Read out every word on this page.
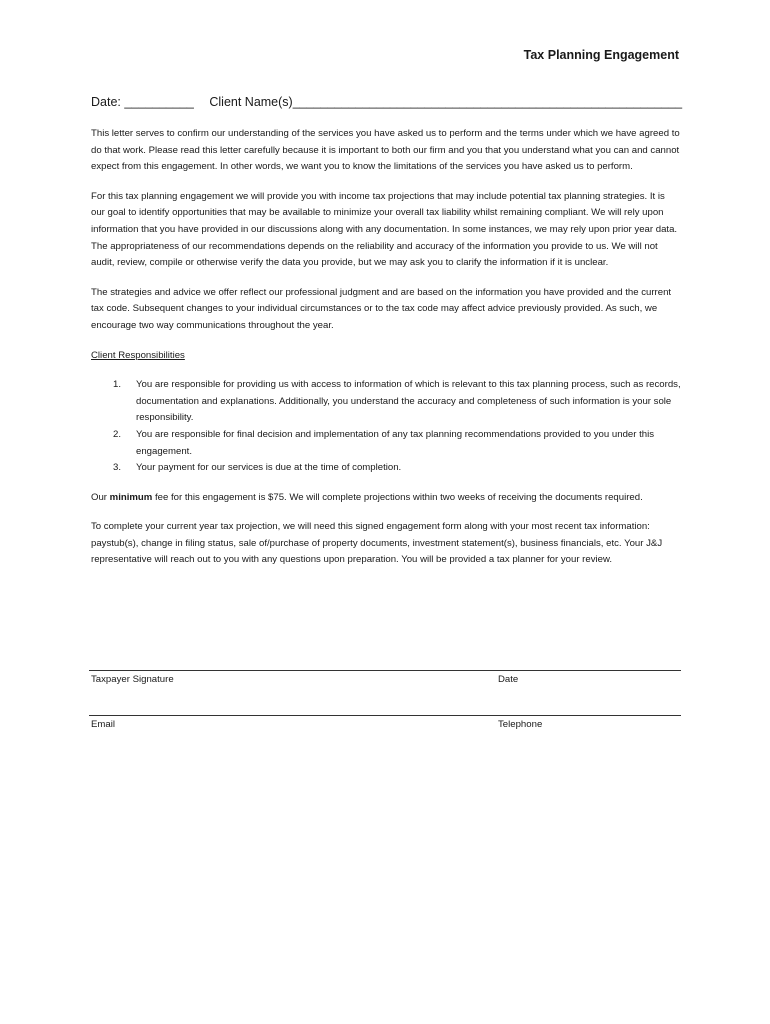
Tax Planning Engagement
Date: __________ Client Name(s)________________________________________________________

This letter serves to confirm our understanding of the services you have asked us to perform and the terms under which we have agreed to do that work. Please read this letter carefully because it is important to both our firm and you that you understand what you can and cannot expect from this engagement. In other words, we want you to know the limitations of the services you have asked us to perform.

For this tax planning engagement we will provide you with income tax projections that may include potential tax planning strategies. It is our goal to identify opportunities that may be available to minimize your overall tax liability whilst remaining compliant. We will rely upon information that you have provided in our discussions along with any documentation. In some instances, we may rely upon prior year data. The appropriateness of our recommendations depends on the reliability and accuracy of the information you provide to us. We will not audit, review, compile or otherwise verify the data you provide, but we may ask you to clarify the information if it is unclear.

The strategies and advice we offer reflect our professional judgment and are based on the information you have provided and the current tax code. Subsequent changes to your individual circumstances or to the tax code may affect advice previously provided. As such, we encourage two way communications throughout the year.

Client Responsibilities
1. You are responsible for providing us with access to information of which is relevant to this tax planning process, such as records, documentation and explanations. Additionally, you understand the accuracy and completeness of such information is your sole responsibility.
2. You are responsible for final decision and implementation of any tax planning recommendations provided to you under this engagement.
3. Your payment for our services is due at the time of completion.

Our minimum fee for this engagement is $75. We will complete projections within two weeks of receiving the documents required.

To complete your current year tax projection, we will need this signed engagement form along with your most recent tax information: paystub(s), change in filing status, sale of/purchase of property documents, investment statement(s), business financials, etc. Your J&J representative will reach out to you with any questions upon preparation. You will be provided a tax planner for your review.

Taxpayer Signature	Date
Email	Telephone
